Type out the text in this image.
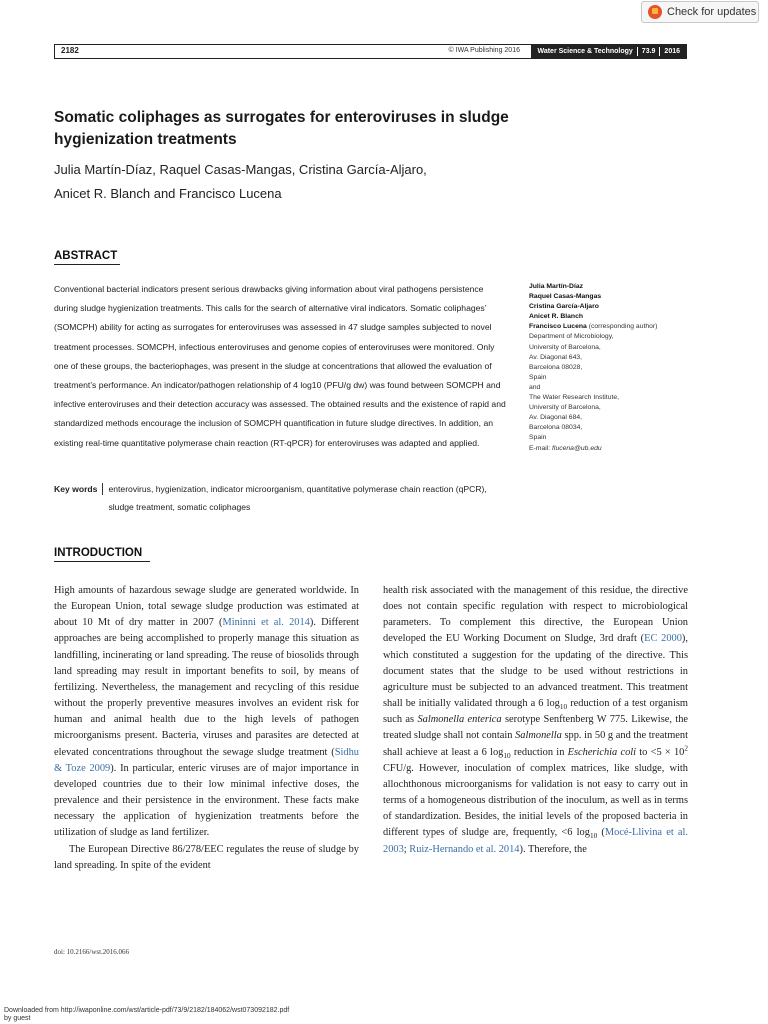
Check for updates
2182	© IWA Publishing 2016 Water Science & Technology 73.9 2016
Somatic coliphages as surrogates for enteroviruses in sludge hygienization treatments
Julia Martín-Díaz, Raquel Casas-Mangas, Cristina García-Aljaro,
Anicet R. Blanch and Francisco Lucena
ABSTRACT
Conventional bacterial indicators present serious drawbacks giving information about viral pathogens persistence during sludge hygienization treatments. This calls for the search of alternative viral indicators. Somatic coliphages’ (SOMCPH) ability for acting as surrogates for enteroviruses was assessed in 47 sludge samples subjected to novel treatment processes. SOMCPH, infectious enteroviruses and genome copies of enteroviruses were monitored. Only one of these groups, the bacteriophages, was present in the sludge at concentrations that allowed the evaluation of treatment’s performance. An indicator/pathogen relationship of 4 log10 (PFU/g dw) was found between SOMCPH and infective enteroviruses and their detection accuracy was assessed. The obtained results and the existence of rapid and standardized methods encourage the inclusion of SOMCPH quantification in future sludge directives. In addition, an existing real-time quantitative polymerase chain reaction (RT-qPCR) for enteroviruses was adapted and applied.
Key words enterovirus, hygienization, indicator microorganism, quantitative polymerase chain reaction (qPCR), sludge treatment, somatic coliphages
Julia Martín-Díaz
Raquel Casas-Mangas
Cristina García-Aljaro
Anicet R. Blanch
Francisco Lucena (corresponding author)
Department of Microbiology,
University of Barcelona,
Av. Diagonal 643,
Barcelona 08028,
Spain
and
The Water Research Institute,
University of Barcelona,
Av. Diagonal 684,
Barcelona 08034,
Spain
E-mail: flucena@ub.edu
INTRODUCTION

High amounts of hazardous sewage sludge are generated worldwide. In the European Union, total sewage sludge production was estimated at about 10 Mt of dry matter in 2007 (Mininni et al. 2014). Different approaches are being accomplished to properly manage this situation as landfilling, incinerating or land spreading. The reuse of biosolids through land spreading may result in important benefits to soil, by means of fertilizing. Nevertheless, the management and recycling of this residue without the properly preventive measures involves an evident risk for human and animal health due to the high levels of pathogen microorganisms present. Bacteria, viruses and parasites are detected at elevated concentrations throughout the sewage sludge treatment (Sidhu & Toze 2009). In particular, enteric viruses are of major importance in developed countries due to their low minimal infective doses, the prevalence and their persistence in the environment. These facts make necessary the application of hygienization treatments before the utilization of sludge as land fertilizer.

The European Directive 86/278/EEC regulates the reuse of sludge by land spreading. In spite of the evident

health risk associated with the management of this residue, the directive does not contain specific regulation with respect to microbiological parameters. To complement this directive, the European Union developed the EU Working Document on Sludge, 3rd draft (EC 2000), which constituted a suggestion for the updating of the directive. This document states that the sludge to be used without restrictions in agriculture must be subjected to an advanced treatment. This treatment shall be initially validated through a 6 $\log_{10}$ reduction of a test organism such as Salmonella enterica serotype Senftenberg W 775. Likewise, the treated sludge shall not contain Salmonella spp. in 50 g and the treatment shall achieve at least a 6 $\log_{10}$ reduction in Escherichia coli to $<5 \times 10^2$ CFU/g. However, inoculation of complex matrices, like sludge, with allochthonous microorganisms for validation is not easy to carry out in terms of a homogeneous distribution of the inoculum, as well as in terms of standardization. Besides, the initial levels of the proposed bacteria in different types of sludge are, frequently, <6 $\log_{10}$ (Mocé-Llivina et al. 2003; Ruiz-Hernando et al. 2014). Therefore, the

doi: 10.2166/wst.2016.066
Downloaded from http://iwaponline.com/wst/article-pdf/73/9/2182/184062/wst073092182.pdf
by guest
